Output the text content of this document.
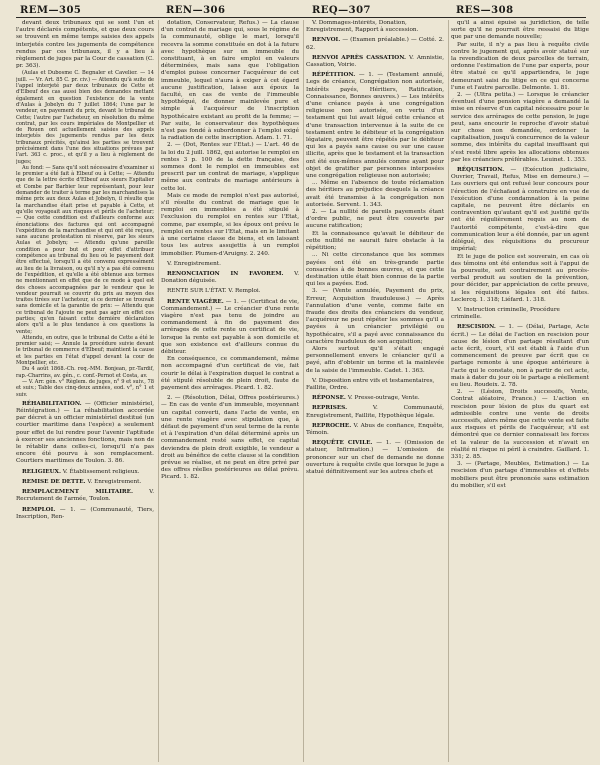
REM—305	REN—306	REQ—307	RES—308

devant deux tribunaux qui se sont l'un et l'autre déclarés compétents, et que deux cours se trouvent en même temps saisies des appels interjetés contre les jugements de compétence rendus par ces tribunaux, il y a lieu à règlement de juges par la Cour de cassation (C. pr. 363).

(Aulas et Dubosme C. Begnaler et Cavelier. — 14 juill. — Vr. Art. 85 C. pr. civ.) — Attendu qu'à suite de l'appel interjeté par deux tribunaux de Cette et d'Elbeuf des cas aussi bien des demandes mettant également en question l'existence de la vente d'Aulas à Jobelyn du 7 juillet 1864; l'une par le vendeur, en payement du prix, devant le tribunal de Cette; l'autre par l'acheteur, en résolution du même contrat, par les cours impériales de Montpellier et de Rouen ont actuellement saisies des appels interjetés des jugements rendus par les deux tribunaux précités, qu'ainsi les parties se trouvent précisément dans l'une des situations prévues par l'art. 363 c. proc., et qu'il y a lieu à règlement de juges;

Au fond: — Sans qu'il soit nécessaire d'examiner si le premier a été fait à Elbeuf ou à Cette; — Attendu que de la lettre écrite d'Elbeuf aux sieurs Espitalier et Combe par Barbier leur représentant, pour leur demander de traiter à terme par les marchandises la même prix aux deux Aulas et Jobelyn, il résulte que la marchandise était prise et payable à Cette, et qu'elle voyageait aux risques et périls de l'acheteur; — Que cette condition est d'ailleurs conforme aux énonciations des factures qui ont accompagné l'expédition de la marchandise et qui ont été reçues, sans aucune protestation ni réserve, par les sieurs Aulas et Jobelyn; — Attendu qu'une pareille condition a pour but et pour effet d'attribuer compétence au tribunal du lieu où le payement doit être effectué, lorsqu'il a été convenu expressément au lieu de la livraison, ou qu'il n'y a pas été convenu de l'expédition, et qu'elle a été obtenue aux termes ne mentionnant en effet que de ce mode à quel est des choses accompagnées par le vendeur que le vendeur pourrait se couvrir du prix au moyen des traites tirées sur l'acheteur, si ce dernier se trouvait sans domicile et la garantie de prix: — Attendu que ce tribunal de l'ajoute ne peut pas agir en effet ces parties; qu'en faisant cette dernière déclaration alors qu'il a le plus tendance à ces questions la vente;

Attendu, en outre, que le tribunal de Cette a été le premier saisi; — Annule la procédure suivie devant le tribunal de commerce d'Elbeuf; maintient la cause et les parties en l'état d'appel devant la cour de Montpellier, etc.

Du 4 août 1868.-Ch. req.-MM. Bonjean, pr.-Tardif, rap.-Charrins, av. gén., c. conf.-Pernot et Costa, av.

— V. Arr. gén. v° Règlem. de juges, n° 9 et suiv., 78 et suiv.; Table des cinq-deux années, eod. v°, n° 1 et suiv.

RÉHABILITATION. — (Officier ministériel, Réintégration.) — La réhabilitation accordée par décret à un officier ministériel destitué (un courtier maritime dans l'espèce) a seulement pour effet de lui rendre pour l'avenir l'aptitude à exercer ses anciennes fonctions, mais non de le rétablir dans celles-ci, lorsqu'il n'a pas encore été pourvu à son remplacement. Courtiers maritimes de Toulon. 3. 86.

RELIGIEUX. V. Établissement religieux.

REMISE DE DETTE. V. Enregistrement.

REMPLACEMENT MILITAIRE.	V. Recrutement de l'armée, Toulon.

REMPLOI. — 1. — (Communauté, Tiers, Inscription, Ren-

dotation, Conservateur, Refus.) — La clause d'un contrat de mariage qui, sous le régime de la communauté, oblige le mari, lorsqu'il recevra la somme constituée en dot à la future avec hypothèque sur un immeuble du constituant, à en faire emploi en valeurs déterminées, mais sans que l'obligation d'emploi puisse concerner l'acquéreur de cet immeuble, lequel n'aura à exiger à cet égard aucune justification, laisse aux époux la faculté, en cas de vente de l'immeuble hypothéqué, de donner mainlevée pure et simple à l'acquéreur de l'inscription hypothécaire existant au profit de la femme; — Par suite, le conservateur des hypothèques n'est pas fondé à subordonner à l'emploi exigé la radiation de cette inscription. Adam. 1. 71.

2. — (Dot, Rentes sur l'Etat.) — L'art. 46 de la loi du 2 juill. 1862, qui autorise le remploi en rentes 3 p. 100 de la dette française, des sommes dont le remploi en immeubles est prescrit par un contrat de mariage, s'applique même aux contrats de mariage antérieurs à cette loi.

Mais ce mode de remploi n'est pas autorisé, s'il résulte du contrat de mariage que le remploi en immeubles a été stipulé à l'exclusion du remploi en rentes sur l'Etat, comme, par exemple, si les époux ont prévu le remploi en rentes sur l'Etat, mais en le limitant à une certaine classe de biens, et en laissant tous les autres assujettis à un remploi immobilier. Plumen-d'Aruigny. 2. 240.

V. Enregistrement.

RENONCIATION IN FAVOREM. V. Donation déguisée.

RENTE SUR L'ÉTAT. V. Remploi.

RENTE VIAGÈRE. — 1. — (Certificat de vie, Commandement.) — Le créancier d'une rente viagère n'est pas tenu de joindre au commandement à fin de payement des arrérages de cette rente un certificat de vie, lorsque la rente est payable à son domicile et que son existence est d'ailleurs connue du débiteur.

En conséquence, ce commandement, même non accompagné d'un certificat de vie, fait courir le délai à l'expiration duquel le contrat a été stipulé résoluble de plein droit, faute de payement des arrérages. Picard. 1. 82.

2. — (Résolution, Délai, Offres postérieures.) — En cas de vente d'un immeuble, moyennant un capital converti, dans l'acte de vente, en une rente viagère avec stipulation que, à défaut de payement d'un seul terme de la rente et à l'expiration d'un délai déterminé après un commandement resté sans effet, ce capital deviendra de plein droit exigible, le vendeur a droit au bénéfice de cette clause si la condition prévue se réalise, et ne peut en être privé par des offres réelles postérieures au délai prévu. Picard. 1. 82.

V. Dommages-intérêts, Donation, Enregistrement, Rapport à succession.

RENVOI. — (Examen préalable.) — Cotté. 2. 62.

RENVOI APRÈS CASSATION. V. Amnistie, Cassation, Voirie.

RÉPÉTITION. — 1. — (Testament annulé, Legs de créance, Congrégation non autorisée, Intérêts payés, Héritiers, Ratification, Connaissance, Bonnes œuvres.) — Les intérêts d'une créance payés à une congrégation religieuse non autorisée, en vertu d'un testament qui lui avait légué cette créance et d'une transaction intervenue à la suite de ce testament entre le débiteur et la congrégation légataire, peuvent être répétés par le débiteur qui les a payés sans cause ou sur une cause illicite, après que le testament et la transaction ont été eux-mêmes annulés comme ayant pour objet de gratifier par personnes interposées une congrégation religieuse non autorisée;

... Même en l'absence de toute réclamation des héritiers au préjudice desquels la créance avait été transmise à la congrégation non autorisée. Servent. 1. 343.

2. — La nullité de pareils payements étant d'ordre public, ne peut être couverte par aucune ratification;

Et la connaissance qu'avait le débiteur de cette nullité ne saurait faire obstacle à la répétition;

... Ni cette circonstance que les sommes payées ont été en très-grande partie consacrées à de bonnes œuvres, et que cette destination utile était bien connue de la partie qui les a payées. Eod.

3. — (Vente annulée, Payement du prix, Erreur, Acquisition frauduleuse.) — Après l'annulation d'une vente, comme faite en fraude des droits des créanciers du vendeur, l'acquéreur ne peut répéter les sommes qu'il a payées à un créancier privilégié ou hypothécaire, s'il a payé avec connaissance du caractère frauduleux de son acquisition;

Alors surtout qu'il s'était engagé personnellement envers le créancier qu'il a payé, afin d'obtenir un terme et la mainlevée de la saisie de l'immeuble. Cadet. 1. 363.

V. Disposition entre vifs et testamentaires, Faillite, Ordre.

RÉPONSE. V. Presse-outrage, Vente.

REPRISES.	V. Communauté, Enregistrement, Faillite, Hypothèque légale.

REPROCHE. V. Abus de confiance, Enquête, Témoin.

REQUÊTE CIVILE. — 1. — (Omission de statuer, Infirmation.) — L'omission de prononcer sur un chef de demande ne donne ouverture à requête civile que lorsque le juge a statué définitivement sur les autres chefs et

qu'il a ainsi épuisé sa juridiction, de telle sorte qu'il ne pourrait être ressaisi du litige que par une demande nouvelle;

Par suite, il n'y a pas lieu à requête civile contre le jugement qui, après avoir statué sur la revendication de deux parcelles de terrain, ordonne l'estimation de l'une par experts, pour être statué ce qu'il appartiendra, le juge demeurant saisi du litige en ce qui concerne l'une et l'autre parcelle. Delmonte. 1. 81.

2. — (Ultra petita.) — Lorsque le créancier éventuel d'une pension viagère a demandé la mise en réserve d'un capital nécessaire pour le service des arrérages de cette pension, le juge peut, sans encourir le reproche d'avoir statué sur chose non demandée, ordonner la capitalisation, jusqu'à concurrence de la valeur somme, des intérêts du capital insuffisant qui s'est resté libre après les allocations obtenues par les créanciers préférables. Leuinet. 1. 353.

RÉQUISITION. — (Exécution judiciaire, Ouvrier, Travail, Refus, Mise en demeure.) — Les ouvriers qui ont refusé leur concours pour l'érection de l'échafaud à construire en vue de l'exécution d'une condamnation à la peine capitale, ne peuvent être déclarés en contravention qu'autant qu'il est justifié qu'ils ont été régulièrement requis au nom de l'autorité compétente, c'est-à-dire que communication leur a été donnée, par un agent délégué, des réquisitions du procureur impérial;

Et le juge de police est souverain, en cas où des témoins ont été entendus soit à l'appui de la poursuite, soit contrairement au procès-verbal produit au soutien de la prévention, pour décider, par appréciation de cette preuve, si les réquisitions légales ont été faites. Leclercq. 1. 318; Liéfard. 1. 318.

V. Instruction criminelle, Procédure criminelle.

RESCISION. — 1. — (Délai, Partage, Acte écrit.) — Le délai de l'action en rescision pour cause de lésion d'un partage résultant d'un acte écrit, court, s'il est établi à l'aide d'un commencement de preuve par écrit que ce partage remonte à une époque antérieure à l'acte qui le constate, non à partir de cet acte, mais à dater du jour où le partage a réellement eu lieu. Roudeix. 2. 78.

2. — (Lésion, Droits successifs, Vente, Contrat aléatoire, France.) — L'action en rescision pour lésion de plus du quart est admissible contre une vente de droits successifs, alors même que cette vente est faite aux risques et périls de l'acquéreur, s'il est démontré que ce dernier connaissait les forces et la valeur de la succession et n'avait en réalité ni risque ni péril à craindre. Gaillard. 1. 331; 2. 85.

3. — (Partage, Meubles, Estimation.) — La rescision d'un partage d'immeubles et d'effets mobiliers peut être prononcée sans estimation du mobilier, s'il est
